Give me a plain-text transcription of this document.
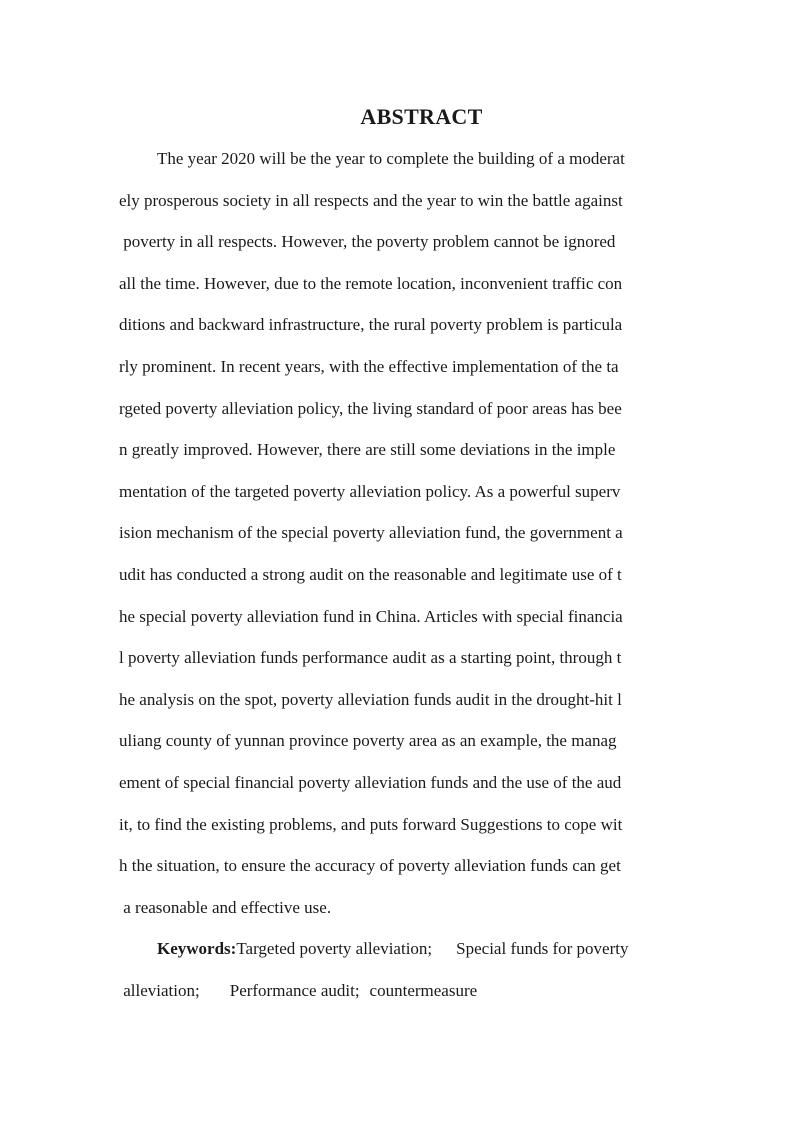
ABSTRACT
The year 2020 will be the year to complete the building of a moderat
ely prosperous society in all respects and the year to win the battle against
poverty in all respects. However, the poverty problem cannot be ignored
all the time. However, due to the remote location, inconvenient traffic con
ditions and backward infrastructure, the rural poverty problem is particula
rly prominent. In recent years, with the effective implementation of the ta
rgeted poverty alleviation policy, the living standard of poor areas has bee
n greatly improved. However, there are still some deviations in the imple
mentation of the targeted poverty alleviation policy. As a powerful superv
ision mechanism of the special poverty alleviation fund, the government a
udit has conducted a strong audit on the reasonable and legitimate use of t
he special poverty alleviation fund in China. Articles with special financia
l poverty alleviation funds performance audit as a starting point, through t
he analysis on the spot, poverty alleviation funds audit in the drought-hit l
uliang county of yunnan province poverty area as an example, the manag
ement of special financial poverty alleviation funds and the use of the aud
it, to find the existing problems, and puts forward Suggestions to cope wit
h the situation, to ensure the accuracy of poverty alleviation funds can get
a reasonable and effective use.
Keywords:Targeted poverty alleviation; Special funds for poverty
alleviation; Performance audit; countermeasure
